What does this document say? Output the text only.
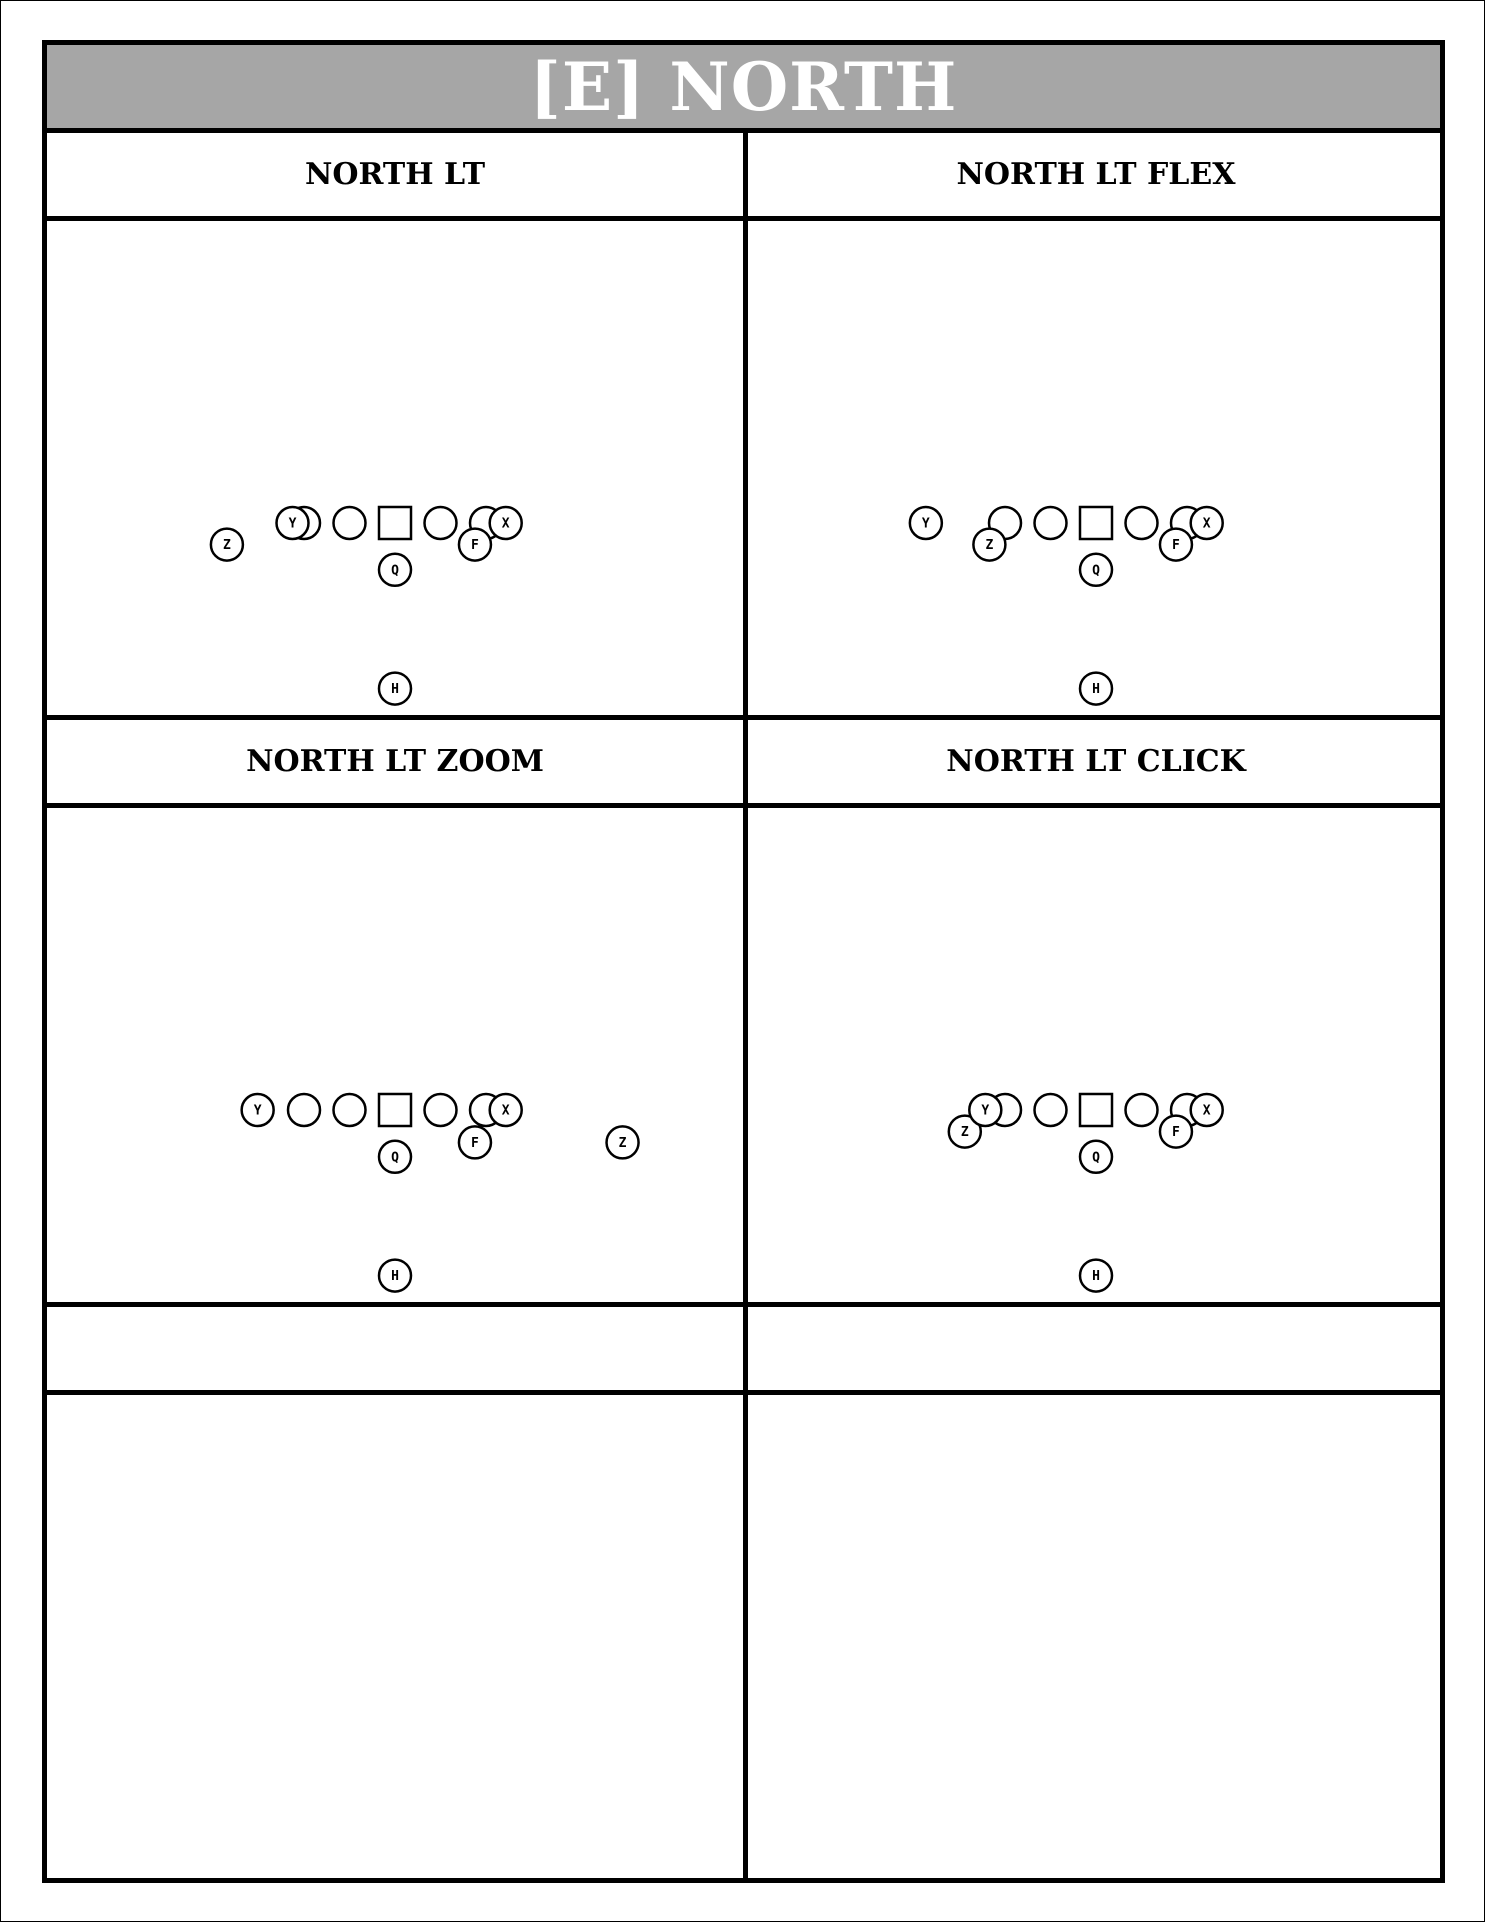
[E] NORTH
NORTH LT	NORTH LT FLEX
Z
Y
Q
F
X
H
Y
Z
Q
F
X
H
NORTH LT ZOOM	NORTH LT CLICK
Y
Q
F
X
Z
H
Z
Y
Q
F
X
H
